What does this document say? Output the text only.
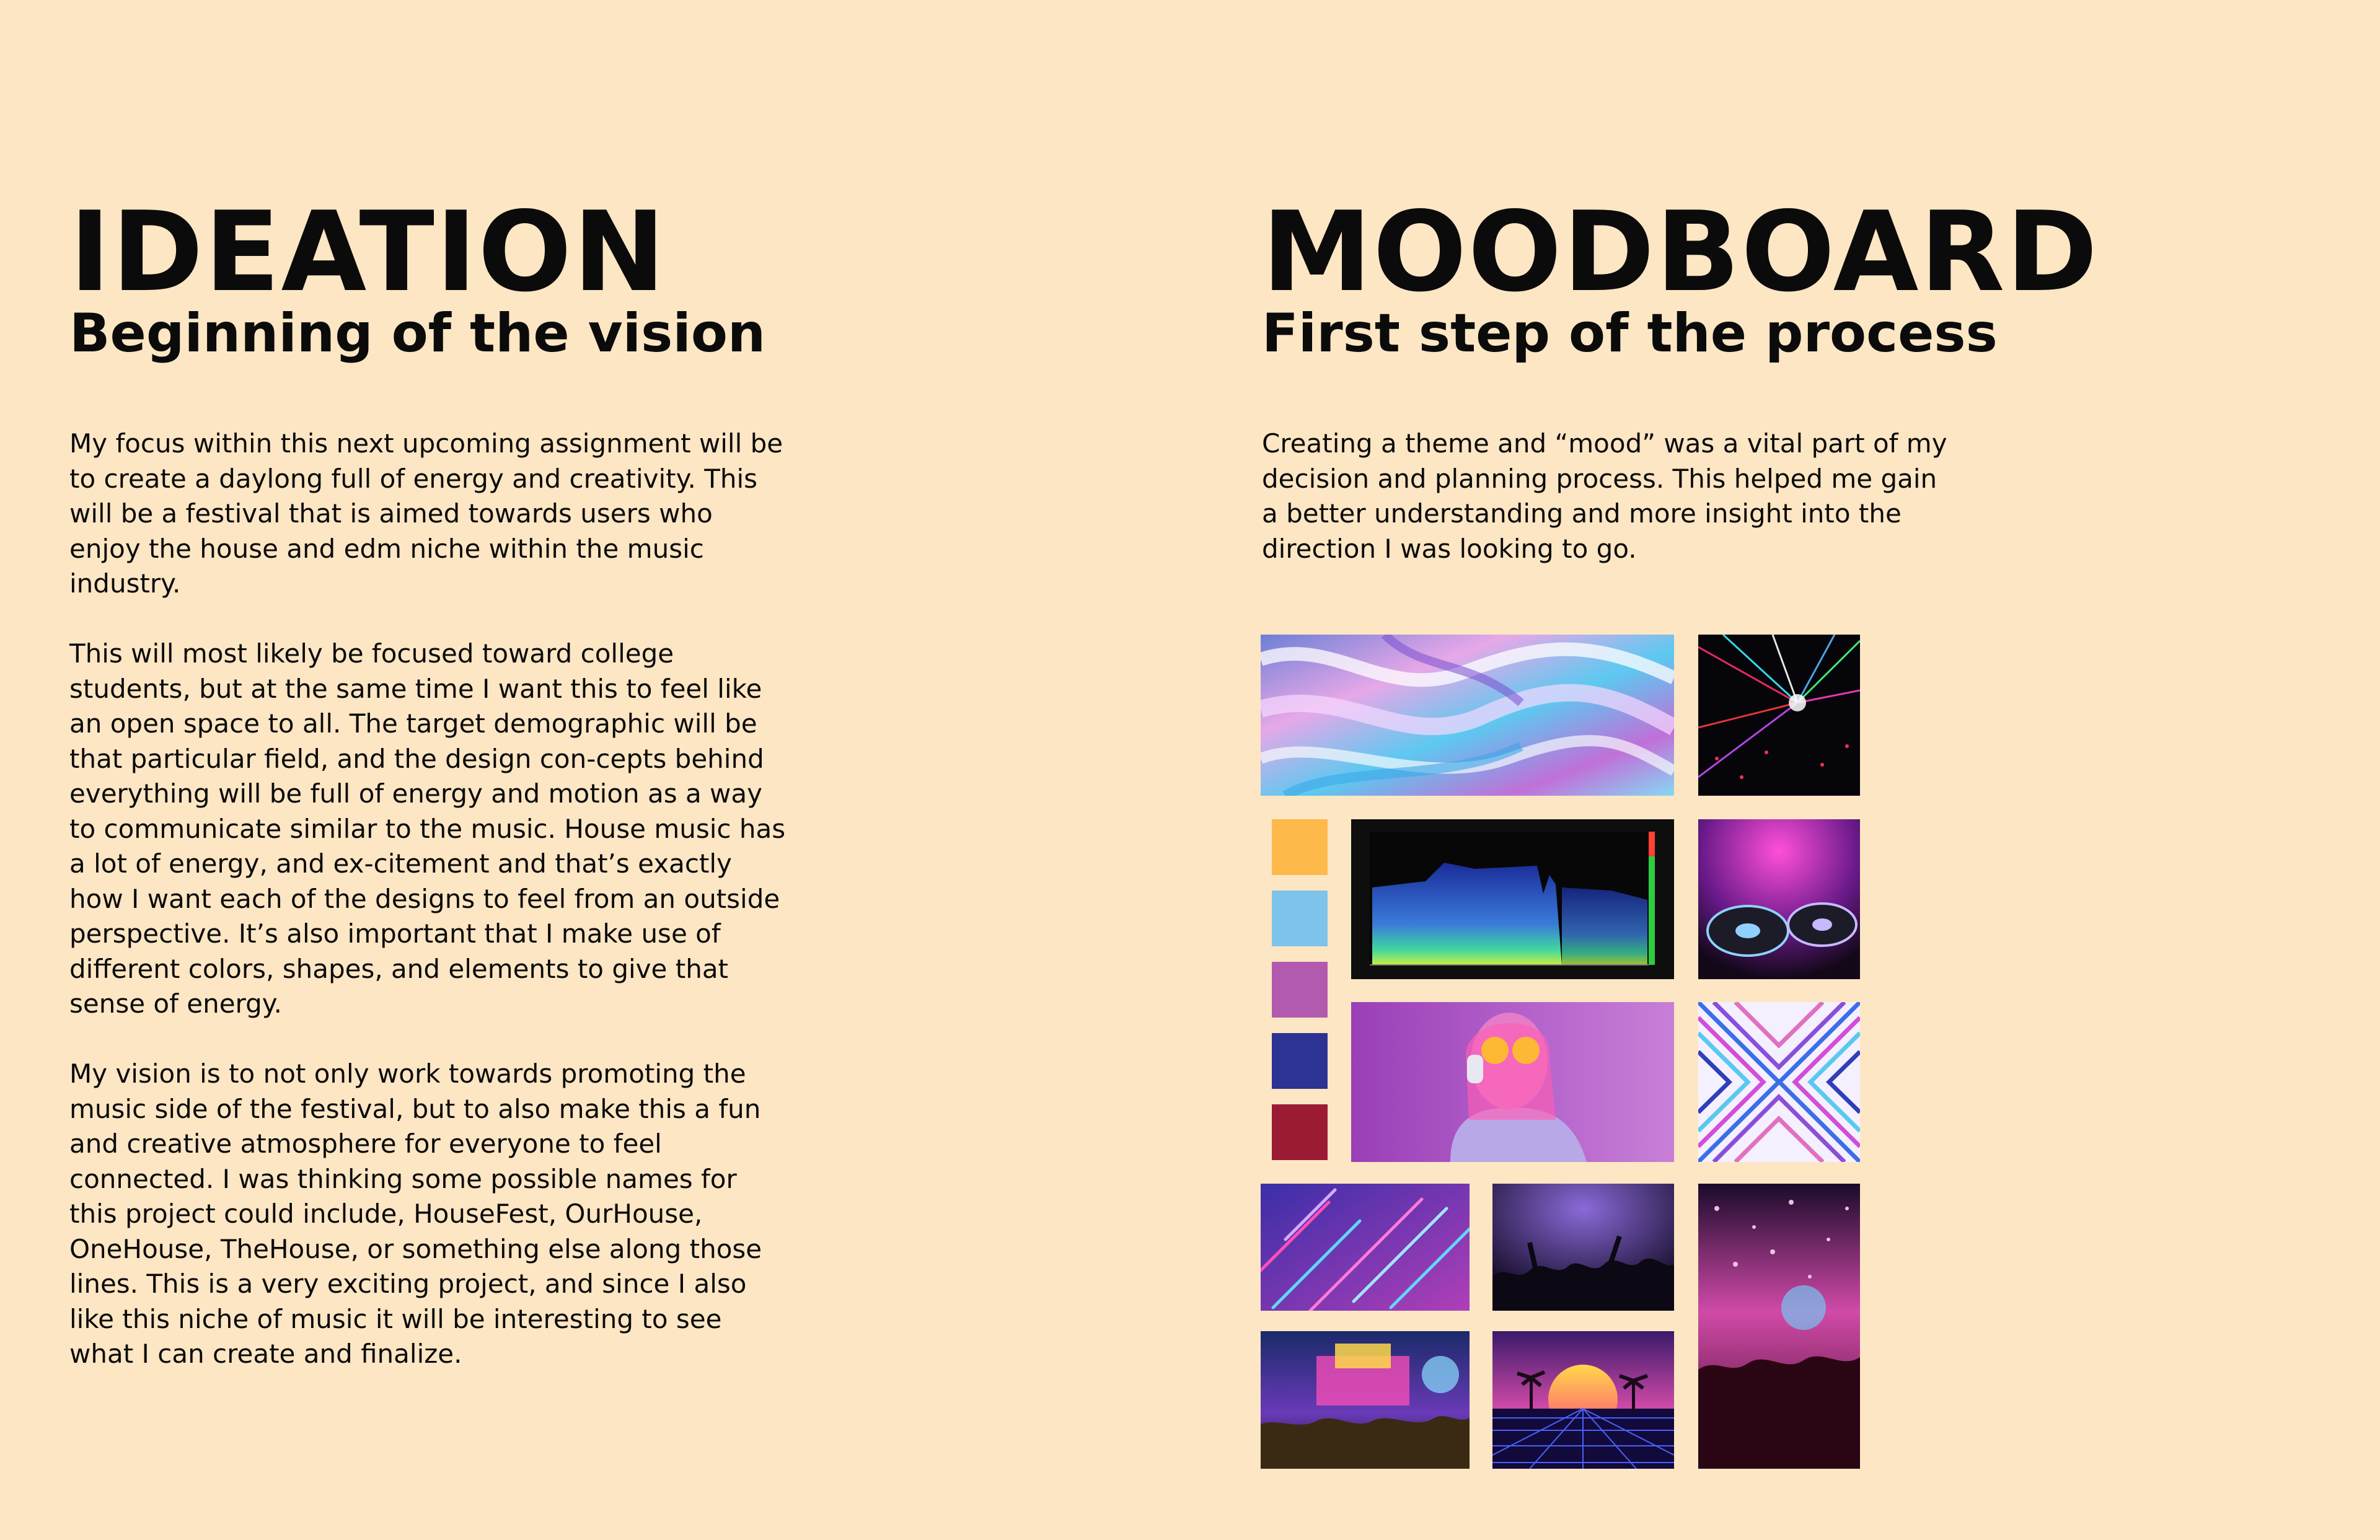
IDEATION
Beginning of the vision

My focus within this next upcoming assignment will be to create a daylong full of energy and creativity. This will be a festival that is aimed towards users who enjoy the house and edm niche within the music industry.

This will most likely be focused toward college students, but at the same time I want this to feel like an open space to all. The target demographic will be that particular field, and the design con-cepts behind everything will be full of energy and motion as a way to communicate similar to the music. House music has a lot of energy, and ex-citement and that’s exactly how I want each of the designs to feel from an outside perspective. It’s also important that I make use of different colors, shapes, and elements to give that sense of energy.

My vision is to not only work towards promoting the music side of the festival, but to also make this a fun and creative atmosphere for everyone to feel connected. I was thinking some possible names for this project could include, HouseFest, OurHouse, OneHouse, TheHouse, or something else along those lines. This is a very exciting project, and since I also like this niche of music it will be interesting to see what I can create and finalize.

MOODBOARD
First step of the process

Creating a theme and “mood” was a vital part of my decision and planning process. This helped me gain a better understanding and more insight into the direction I was looking to go.
